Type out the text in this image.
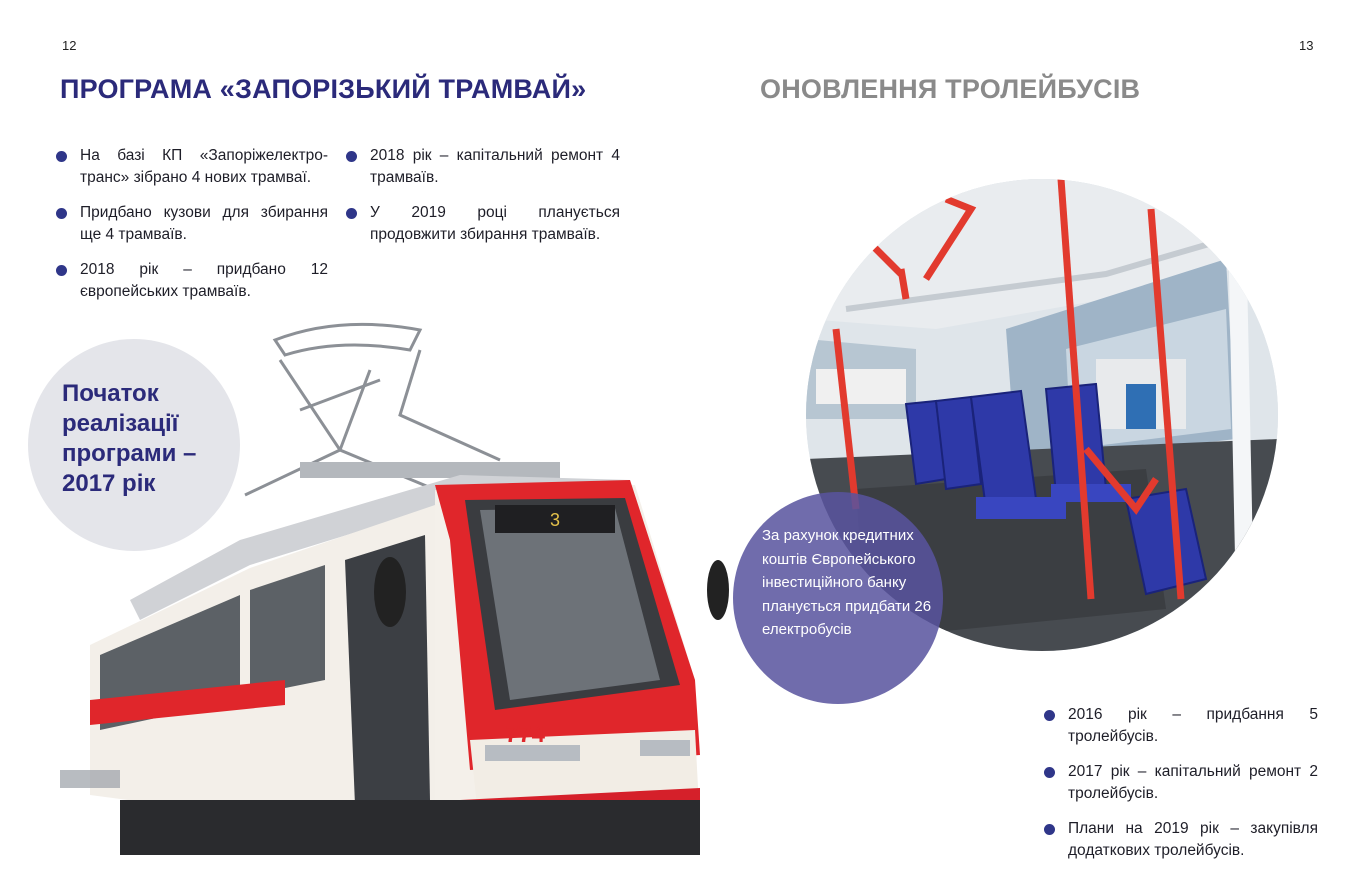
12	13
ПРОГРАМА «ЗАПОРІЗЬКИЙ ТРАМВАЙ»	ОНОВЛЕННЯ ТРОЛЕЙБУСІВ
На базі КП «Запоріжелектро-транс» зібрано 4 нових трамваї.
Придбано кузови для збирання ще 4 трамваїв.
2018 рік – придбано 12 європейських трамваїв.
2018 рік – капітальний ремонт 4 трамваїв.
У 2019 році планується продовжити збирання трамваїв.
3
774
Початок
реалізації
програми –
2017 рік
За рахунок кредитних коштів Європейського інвестиційного банку планується придбати 26 електробусів
2016 рік – придбання 5 тролейбусів.
2017 рік – капітальний ремонт 2 тролейбусів.
Плани на 2019 рік – закупівля додаткових тролейбусів.
